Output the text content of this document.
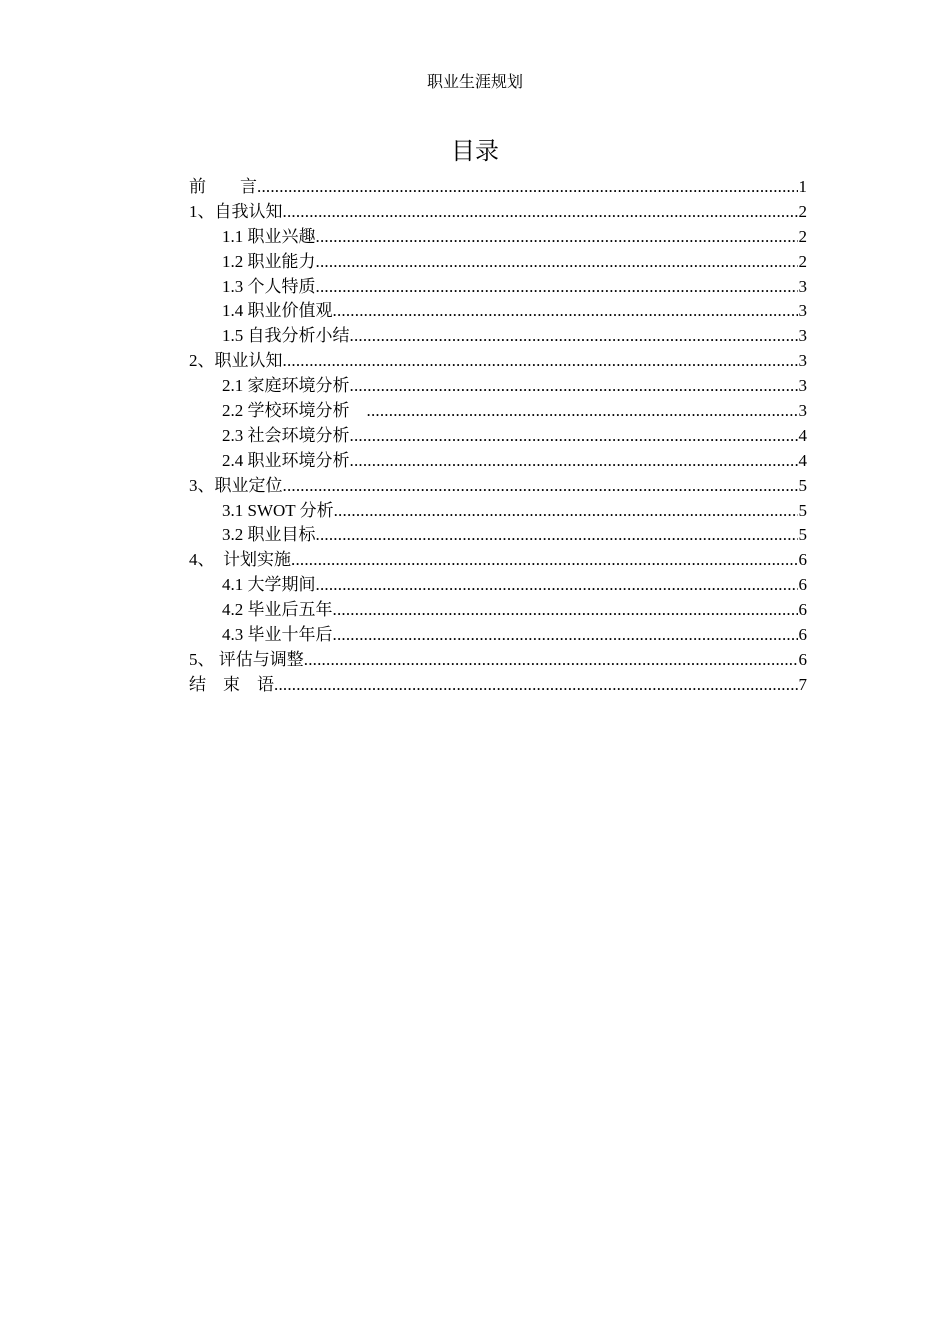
职业生涯规划
目录
前　　言 .....	1
1、自我认知 .....	2
1.1 职业兴趣 .....	2
1.2 职业能力 .....	2
1.3 个人特质 .....	3
1.4 职业价值观 .....	3
1.5 自我分析小结 .....	3
2、职业认知 .....	3
2.1 家庭环境分析 .....	3
2.2 学校环境分析　 .....	3
2.3 社会环境分析 .....	4
2.4 职业环境分析 .....	4
3、职业定位 .....	5
3.1 SWOT 分析 .....	5
3.2 职业目标 .....	5
4、　计划实施 .....	6
4.1 大学期间 .....	6
4.2 毕业后五年 .....	6
4.3 毕业十年后 .....	6
5、 评估与调整 .....	6
结　束　语 .....	7
